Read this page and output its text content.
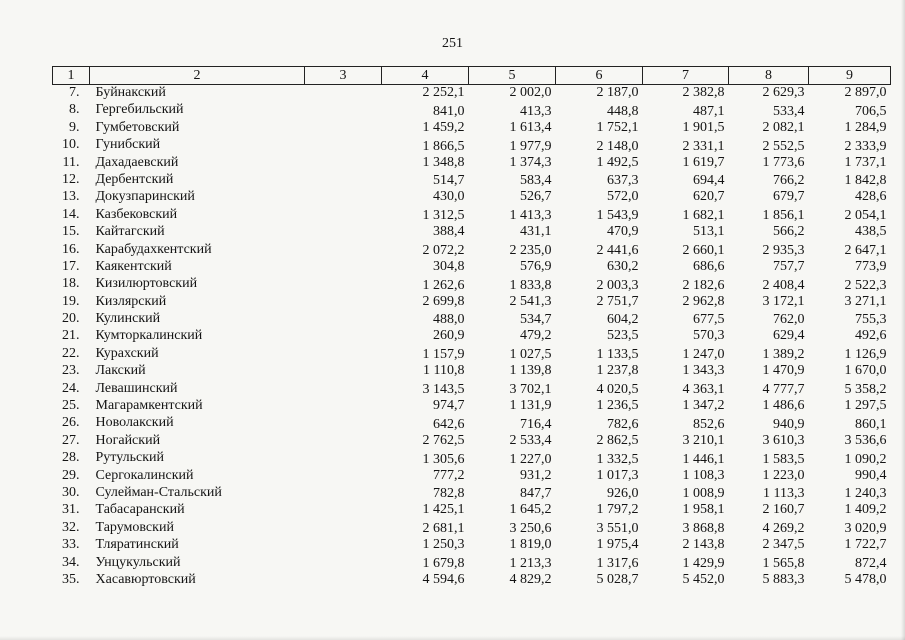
251
1	2	3	4	5	6	7	8	9
7.	Буйнакский		2 252,1	2 002,0	2 187,0	2 382,8	2 629,3	2 897,0
8.	Гергебильский		841,0	413,3	448,8	487,1	533,4	706,5
9.	Гумбетовский		1 459,2	1 613,4	1 752,1	1 901,5	2 082,1	1 284,9
10.	Гунибский		1 866,5	1 977,9	2 148,0	2 331,1	2 552,5	2 333,9
11.	Дахадаевский		1 348,8	1 374,3	1 492,5	1 619,7	1 773,6	1 737,1
12.	Дербентский		514,7	583,4	637,3	694,4	766,2	1 842,8
13.	Докузпаринский		430,0	526,7	572,0	620,7	679,7	428,6
14.	Казбековский		1 312,5	1 413,3	1 543,9	1 682,1	1 856,1	2 054,1
15.	Кайтагский		388,4	431,1	470,9	513,1	566,2	438,5
16.	Карабудахкентский		2 072,2	2 235,0	2 441,6	2 660,1	2 935,3	2 647,1
17.	Каякентский		304,8	576,9	630,2	686,6	757,7	773,9
18.	Кизилюртовский		1 262,6	1 833,8	2 003,3	2 182,6	2 408,4	2 522,3
19.	Кизлярский		2 699,8	2 541,3	2 751,7	2 962,8	3 172,1	3 271,1
20.	Кулинский		488,0	534,7	604,2	677,5	762,0	755,3
21.	Кумторкалинский		260,9	479,2	523,5	570,3	629,4	492,6
22.	Курахский		1 157,9	1 027,5	1 133,5	1 247,0	1 389,2	1 126,9
23.	Лакский		1 110,8	1 139,8	1 237,8	1 343,3	1 470,9	1 670,0
24.	Левашинский		3 143,5	3 702,1	4 020,5	4 363,1	4 777,7	5 358,2
25.	Магарамкентский		974,7	1 131,9	1 236,5	1 347,2	1 486,6	1 297,5
26.	Новолакский		642,6	716,4	782,6	852,6	940,9	860,1
27.	Ногайский		2 762,5	2 533,4	2 862,5	3 210,1	3 610,3	3 536,6
28.	Рутульский		1 305,6	1 227,0	1 332,5	1 446,1	1 583,5	1 090,2
29.	Сергокалинский		777,2	931,2	1 017,3	1 108,3	1 223,0	990,4
30.	Сулейман-Стальский		782,8	847,7	926,0	1 008,9	1 113,3	1 240,3
31.	Табасаранский		1 425,1	1 645,2	1 797,2	1 958,1	2 160,7	1 409,2
32.	Тарумовский		2 681,1	3 250,6	3 551,0	3 868,8	4 269,2	3 020,9
33.	Тляратинский		1 250,3	1 819,0	1 975,4	2 143,8	2 347,5	1 722,7
34.	Унцукульский		1 679,8	1 213,3	1 317,6	1 429,9	1 565,8	872,4
35.	Хасавюртовский		4 594,6	4 829,2	5 028,7	5 452,0	5 883,3	5 478,0
